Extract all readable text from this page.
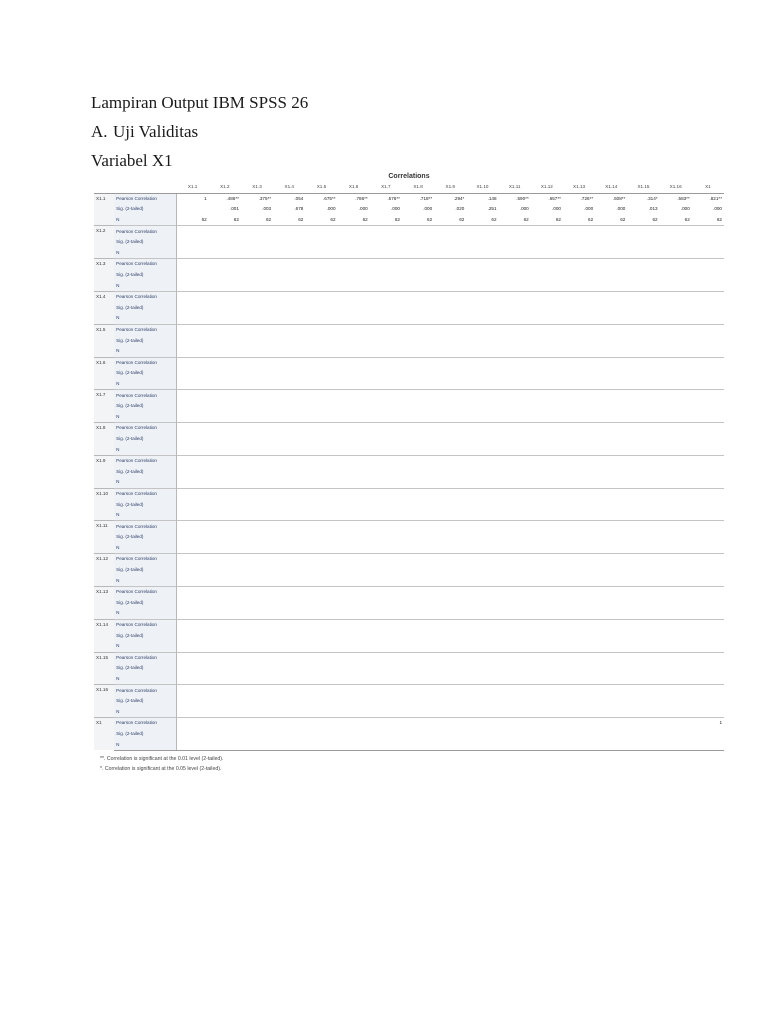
Lampiran Output IBM SPSS 26
A. Uji Validitas
Variabel X1
Correlations
		X1.1	X1.2	X1.3	X1.4	X1.5	X1.6	X1.7	X1.8	X1.9	X1.10	X1.11	X1.12	X1.13	X1.14	X1.15	X1.16	X1
X1.1	Pearson Correlation	1	.486**	.375**	.054	.675**	.786**	.576**	.718**	.294*	.148	.590**	.657**	.726**	.508**	.314*	.583**	.821**
	Sig. (2-tailed)		.001	.003	.678	.000	.000	.000	.000	.020	.251	.000	.000	.000	.000	.013	.000	.000
	N	62	62	62	62	62	62	62	62	62	62	62	62	62	62	62	62	62
X1.2	Pearson Correlation																	
	Sig. (2-tailed)																	
	N																	
X1.3	Pearson Correlation																	
	Sig. (2-tailed)																	
	N																	
X1.4	Pearson Correlation																	
	Sig. (2-tailed)																	
	N																	
X1.5	Pearson Correlation																	
	Sig. (2-tailed)																	
	N																	
X1.6	Pearson Correlation																	
	Sig. (2-tailed)																	
	N																	
X1.7	Pearson Correlation																	
	Sig. (2-tailed)																	
	N																	
X1.8	Pearson Correlation																	
	Sig. (2-tailed)																	
	N																	
X1.9	Pearson Correlation																	
	Sig. (2-tailed)																	
	N																	
X1.10	Pearson Correlation																	
	Sig. (2-tailed)																	
	N																	
X1.11	Pearson Correlation																	
	Sig. (2-tailed)																	
	N																	
X1.12	Pearson Correlation																	
	Sig. (2-tailed)																	
	N																	
X1.13	Pearson Correlation																	
	Sig. (2-tailed)																	
	N																	
X1.14	Pearson Correlation																	
	Sig. (2-tailed)																	
	N																	
X1.15	Pearson Correlation																	
	Sig. (2-tailed)																	
	N																	
X1.16	Pearson Correlation																	
	Sig. (2-tailed)																	
	N																	
X1	Pearson Correlation																	1
	Sig. (2-tailed)																	
	N																	
**. Correlation is significant at the 0.01 level (2-tailed).
*. Correlation is significant at the 0.05 level (2-tailed).
